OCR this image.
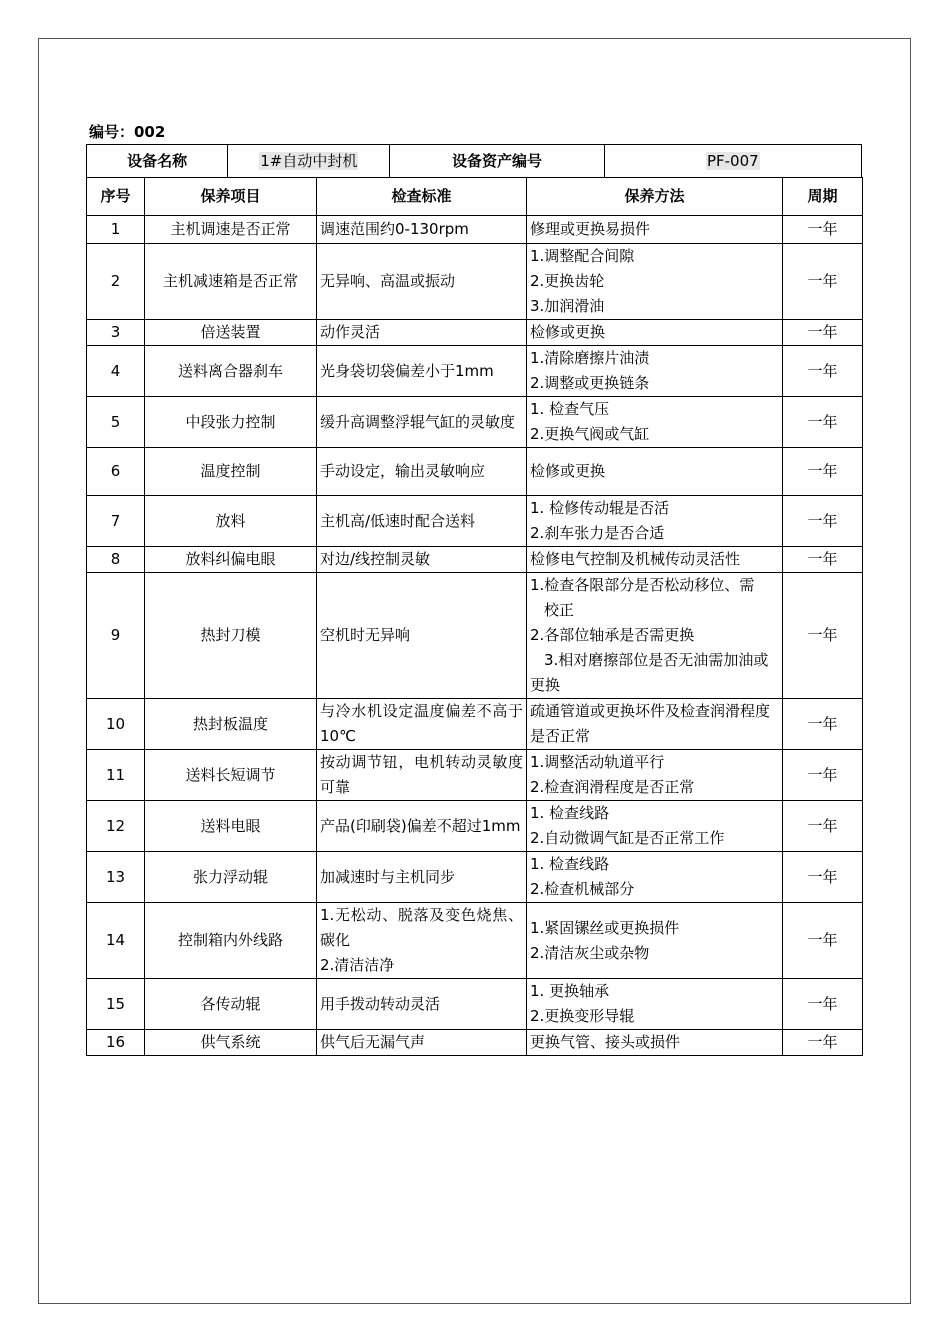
编号：002
设备名称	1#自动中封机	设备资产编号	PF-007
序号	保养项目	检查标准	保养方法	周期
1	主机调速是否正常	调速范围约0-130rpm	修理或更换易损件	一年
2	主机减速箱是否正常	无异响、高温或振动	1.调整配合间隙
2.更换齿轮
3.加润滑油	一年
3	倍送装置	动作灵活	检修或更换	一年
4	送料离合器刹车	光身袋切袋偏差小于1mm	1.清除磨擦片油渍
2.调整或更换链条	一年
5	中段张力控制	缓升高调整浮辊气缸的灵敏度	1. 检查气压
2.更换气阀或气缸	一年
6	温度控制	手动设定，输出灵敏响应	检修或更换	一年
7	放料	主机高/低速时配合送料	1. 检修传动辊是否活
2.刹车张力是否合适	一年
8	放料纠偏电眼	对边/线控制灵敏	检修电气控制及机械传动灵活性	一年
9	热封刀模	空机时无异响	1.检查各限部分是否松动移位、需
校正
2.各部位轴承是否需更换
3.相对磨擦部位是否无油需加油或
更换	一年
10	热封板温度	与冷水机设定温度偏差不高于10℃	疏通管道或更换坏件及检查润滑程度是否正常	一年
11	送料长短调节	按动调节钮，电机转动灵敏度可靠	1.调整活动轨道平行
2.检查润滑程度是否正常	一年
12	送料电眼	产品(印刷袋)偏差不超过1mm	1. 检查线路
2.自动微调气缸是否正常工作	一年
13	张力浮动辊	加减速时与主机同步	1. 检查线路
2.检查机械部分	一年
14	控制箱内外线路	1.无松动、脱落及变色烧焦、碳化
2.清洁洁净	1.紧固镙丝或更换损件
2.清洁灰尘或杂物	一年
15	各传动辊	用手拨动转动灵活	1. 更换轴承
2.更换变形导辊	一年
16	供气系统	供气后无漏气声	更换气管、接头或损件	一年
